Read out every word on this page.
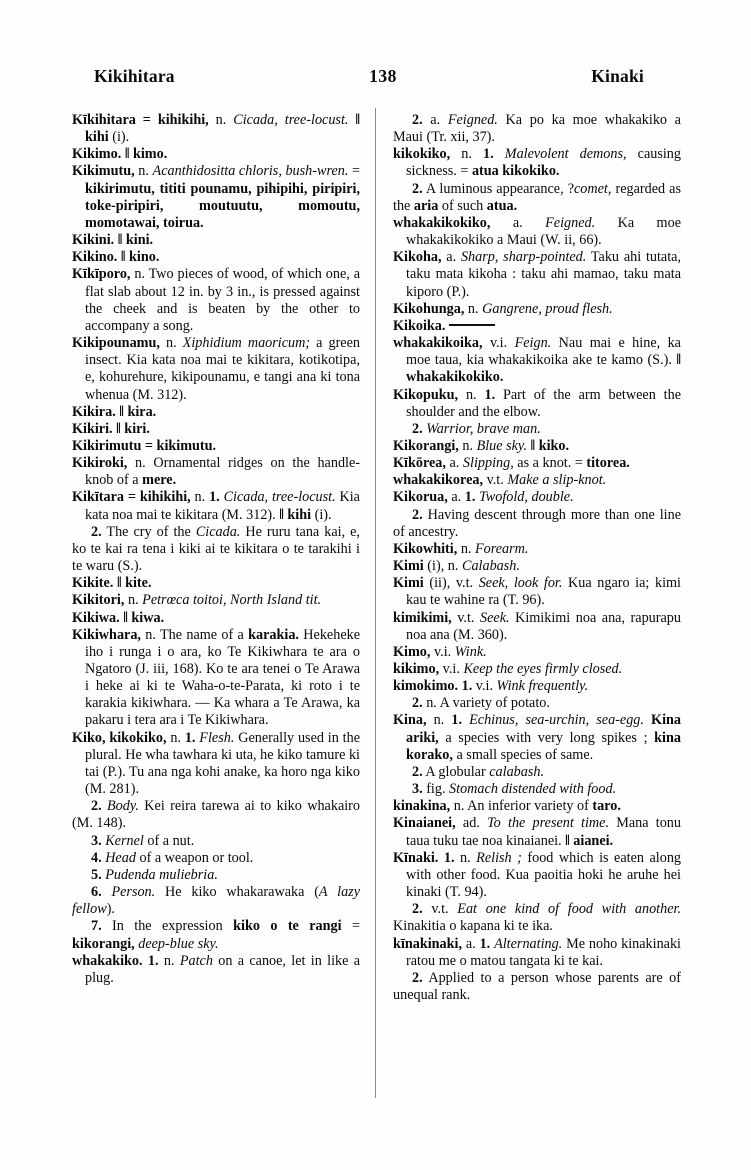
Kikihitara	138	Kinaki
Kīkihitara = kihikihi, n. Cicada, tree-locust. ‖ kihi (i).
Kikimo. ‖ kimo.
Kikimutu, n. Acanthidositta chloris, bush-wren. = kikirimutu, tititi pounamu, pihipihi, piripiri, toke-piripiri, moutuutu, momoutu, momotawai, toirua.
Kikini. ‖ kini.
Kikino. ‖ kino.
Kīkīporo, n. Two pieces of wood, of which one, a flat slab about 12 in. by 3 in., is pressed against the cheek and is beaten by the other to accompany a song.
Kikipounamu, n. Xiphidium maoricum; a green insect. Kia kata noa mai te kikitara, kotikotipa, e, kohurehure, kikipounamu, e tangi ana ki tona whenua (M. 312).
Kikira. ‖ kira.
Kikiri. ‖ kiri.
Kikirimutu = kikimutu.
Kikiroki, n. Ornamental ridges on the handle-knob of a mere.
Kikītara = kihikihi, n. 1. Cicada, tree-locust. Kia kata noa mai te kikitara (M. 312). ‖ kihi (i).
2. The cry of the Cicada. He ruru tana kai, e, ko te kai ra tena i kiki ai te kikitara o te tarakihi i te waru (S.).
Kikite. ‖ kite.
Kikitori, n. Petrœca toitoi, North Island tit.
Kikiwa. ‖ kiwa.
Kikiwhara, n. The name of a karakia. Hekeheke iho i runga i o ara, ko Te Kikiwhara te ara o Ngatoro (J. iii, 168). Ko te ara tenei o Te Arawa i heke ai ki te Waha-o-te-Parata, ki roto i te karakia kikiwhara. — Ka whara a Te Arawa, ka pakaru i tera ara i Te Kikiwhara.
Kiko, kikokiko, n. 1. Flesh. Generally used in the plural. He wha tawhara ki uta, he kiko tamure ki tai (P.). Tu ana nga kohi anake, ka horo nga kiko (M. 281).
2. Body. Kei reira tarewa ai to kiko whakairo (M. 148).
3. Kernel of a nut.
4. Head of a weapon or tool.
5. Pudenda muliebria.
6. Person. He kiko whakarawaka (A lazy fellow).
7. In the expression kiko o te rangi = kikorangi, deep-blue sky.
whakakiko. 1. n. Patch on a canoe, let in like a plug.
2. a. Feigned. Ka po ka moe whakakiko a Maui (Tr. xii, 37).
kikokiko, n. 1. Malevolent demons, causing sickness. = atua kikokiko.
2. A luminous appearance, ?comet, regarded as the aria of such atua.
whakakikokiko, a. Feigned. Ka moe whakakikokiko a Maui (W. ii, 66).
Kikoha, a. Sharp, sharp-pointed. Taku ahi tutata, taku mata kikoha : taku ahi mamao, taku mata kiporo (P.).
Kikohunga, n. Gangrene, proud flesh.
Kikoika.
whakakikoika, v.i. Feign. Nau mai e hine, ka moe taua, kia whakakikoika ake te kamo (S.). ‖ whakakikokiko.
Kikopuku, n. 1. Part of the arm between the shoulder and the elbow.
2. Warrior, brave man.
Kikorangi, n. Blue sky. ‖ kiko.
Kīkōrea, a. Slipping, as a knot. = titorea.
whakakikorea, v.t. Make a slip-knot.
Kikorua, a. 1. Twofold, double.
2. Having descent through more than one line of ancestry.
Kikowhiti, n. Forearm.
Kimi (i), n. Calabash.
Kimi (ii), v.t. Seek, look for. Kua ngaro ia; kimi kau te wahine ra (T. 96).
kimikimi, v.t. Seek. Kimikimi noa ana, rapurapu noa ana (M. 360).
Kimo, v.i. Wink.
kikimo, v.i. Keep the eyes firmly closed.
kimokimo. 1. v.i. Wink frequently.
2. n. A variety of potato.
Kina, n. 1. Echinus, sea-urchin, sea-egg. Kina ariki, a species with very long spikes ; kina korako, a small species of same.
2. A globular calabash.
3. fig. Stomach distended with food.
kinakina, n. An inferior variety of taro.
Kinaianei, ad. To the present time. Mana tonu taua tuku tae noa kinaianei. ‖ aianei.
Kīnaki. 1. n. Relish ; food which is eaten along with other food. Kua paoitia hoki he aruhe hei kinaki (T. 94).
2. v.t. Eat one kind of food with another. Kinakitia o kapana ki te ika.
kīnakinaki, a. 1. Alternating. Me noho kinakinaki ratou me o matou tangata ki te kai.
2. Applied to a person whose parents are of unequal rank.
